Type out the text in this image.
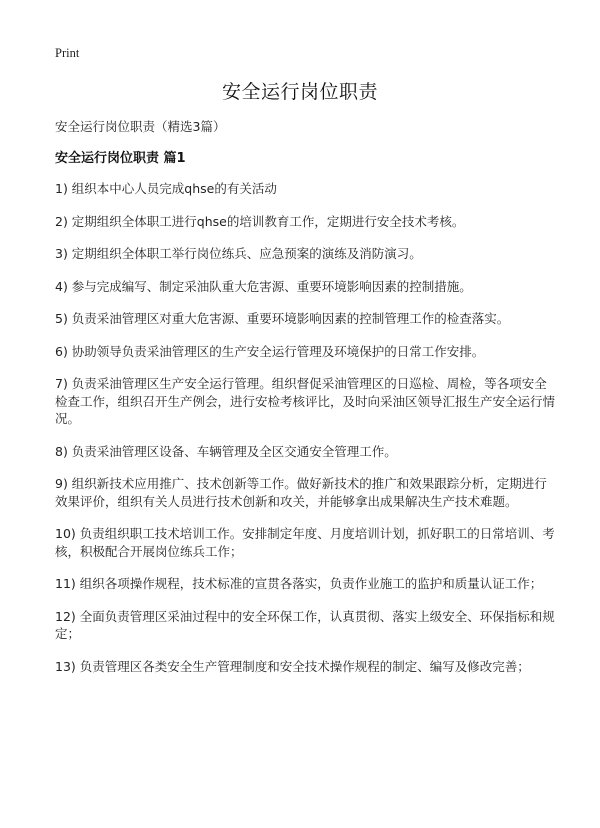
Print
安全运行岗位职责
安全运行岗位职责（精选3篇）
安全运行岗位职责 篇1
1) 组织本中心人员完成qhse的有关活动
2) 定期组织全体职工进行qhse的培训教育工作，定期进行安全技术考核。
3) 定期组织全体职工举行岗位练兵、应急预案的演练及消防演习。
4) 参与完成编写、制定采油队重大危害源、重要环境影响因素的控制措施。
5) 负责采油管理区对重大危害源、重要环境影响因素的控制管理工作的检查落实。
6) 协助领导负责采油管理区的生产安全运行管理及环境保护的日常工作安排。
7) 负责采油管理区生产安全运行管理。组织督促采油管理区的日巡检、周检，等各项安全检查工作，组织召开生产例会，进行安检考核评比，及时向采油区领导汇报生产安全运行情况。
8) 负责采油管理区设备、车辆管理及全区交通安全管理工作。
9) 组织新技术应用推广、技术创新等工作。做好新技术的推广和效果跟踪分析，定期进行效果评价，组织有关人员进行技术创新和攻关，并能够拿出成果解决生产技术难题。
10) 负责组织职工技术培训工作。安排制定年度、月度培训计划，抓好职工的日常培训、考核，积极配合开展岗位练兵工作；
11) 组织各项操作规程，技术标准的宣贯各落实，负责作业施工的监护和质量认证工作；
12) 全面负责管理区采油过程中的安全环保工作，认真贯彻、落实上级安全、环保指标和规定；
13) 负责管理区各类安全生产管理制度和安全技术操作规程的制定、编写及修改完善；
